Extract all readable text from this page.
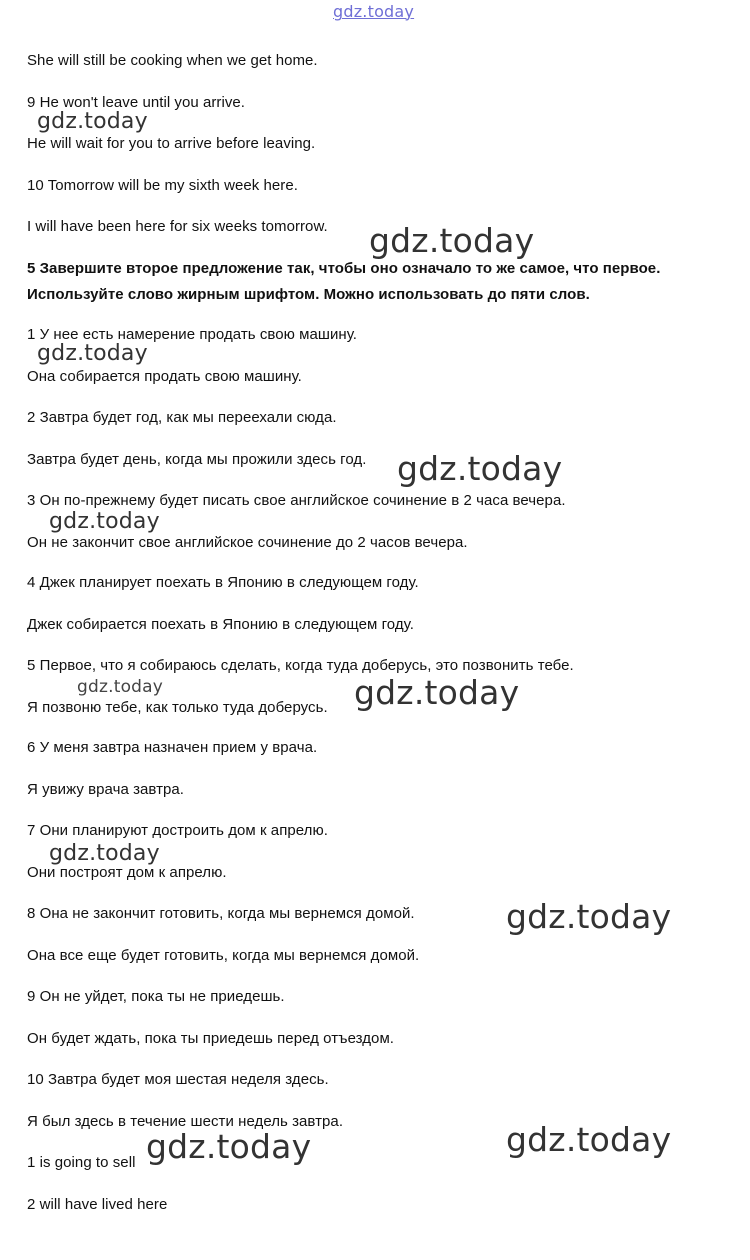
gdz.today
She will still be cooking when we get home.
9 He won't leave until you arrive.
He will wait for you to arrive before leaving.
10 Tomorrow will be my sixth week here.
I will have been here for six weeks tomorrow.
5 Завершите второе предложение так, чтобы оно означало то же самое, что первое.
Используйте слово жирным шрифтом. Можно использовать до пяти слов.
1 У нее есть намерение продать свою машину.
Она собирается продать свою машину.
2 Завтра будет год, как мы переехали сюда.
Завтра будет день, когда мы прожили здесь год.
3 Он по-прежнему будет писать свое английское сочинение в 2 часа вечера.
Он не закончит свое английское сочинение до 2 часов вечера.
4 Джек планирует поехать в Японию в следующем году.
Джек собирается поехать в Японию в следующем году.
5 Первое, что я собираюсь сделать, когда туда доберусь, это позвонить тебе.
Я позвоню тебе, как только туда доберусь.
6 У меня завтра назначен прием у врача.
Я увижу врача завтра.
7 Они планируют достроить дом к апрелю.
Они построят дом к апрелю.
8 Она не закончит готовить, когда мы вернемся домой.
Она все еще будет готовить, когда мы вернемся домой.
9 Он не уйдет, пока ты не приедешь.
Он будет ждать, пока ты приедешь перед отъездом.
10 Завтра будет моя шестая неделя здесь.
Я был здесь в течение шести недель завтра.
1 is going to sell
2 will have lived here
gdz.today
gdz.today
gdz.today
gdz.today
gdz.today
gdz.today	gdz.today
gdz.today
gdz.today
gdz.today	gdz.today
